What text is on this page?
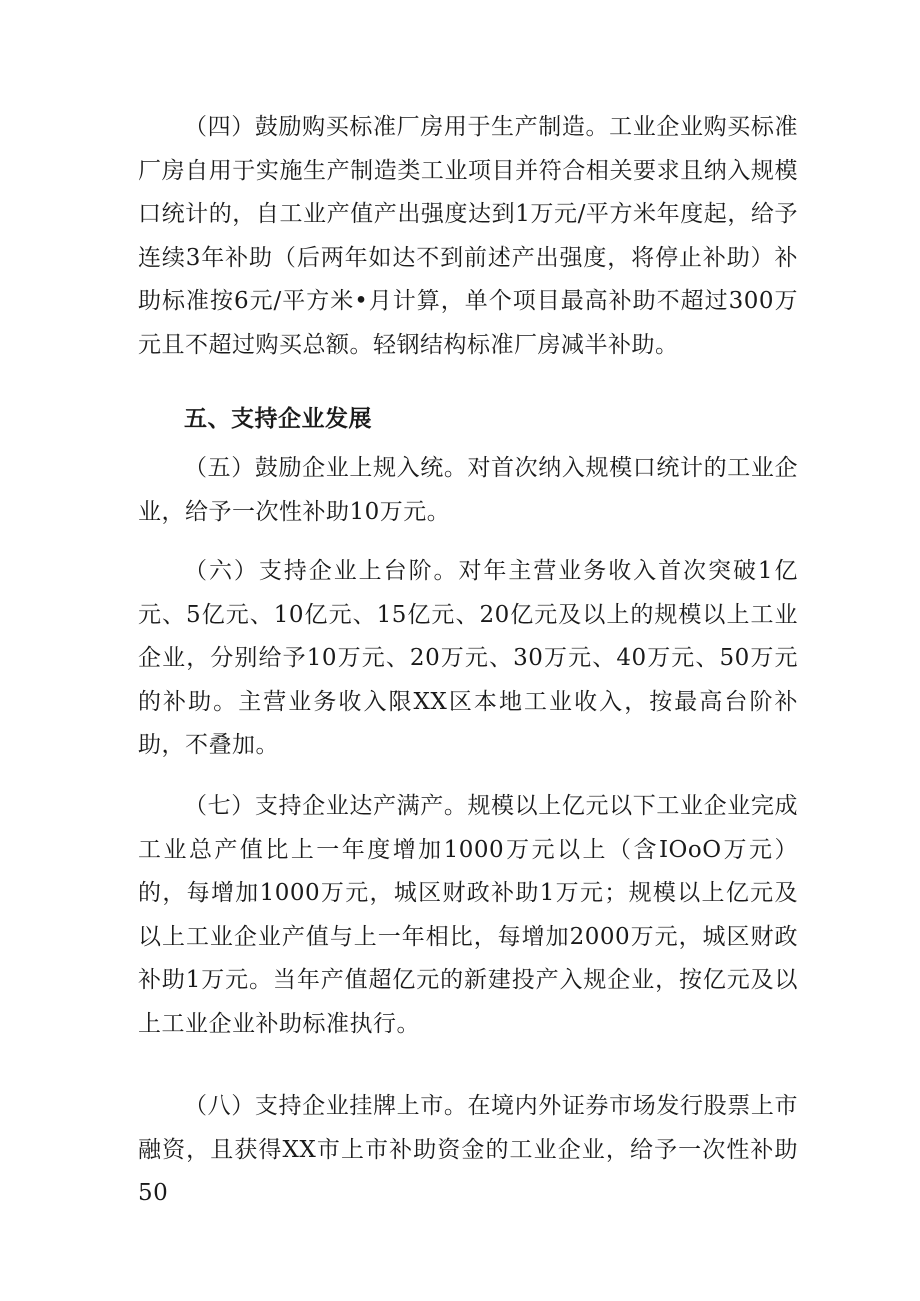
（四）鼓励购买标准厂房用于生产制造。工业企业购买标准厂房自用于实施生产制造类工业项目并符合相关要求且纳入规模口统计的，自工业产值产出强度达到1万元/平方米年度起，给予连续3年补助（后两年如达不到前述产出强度，将停止补助）补助标准按6元/平方米•月计算，单个项目最高补助不超过300万元且不超过购买总额。轻钢结构标准厂房减半补助。

五、支持企业发展

（五）鼓励企业上规入统。对首次纳入规模口统计的工业企业，给予一次性补助10万元。

（六）支持企业上台阶。对年主营业务收入首次突破1亿元、5亿元、10亿元、15亿元、20亿元及以上的规模以上工业企业，分别给予10万元、20万元、30万元、40万元、50万元的补助。主营业务收入限XX区本地工业收入，按最高台阶补助，不叠加。

（七）支持企业达产满产。规模以上亿元以下工业企业完成工业总产值比上一年度增加1000万元以上（含IOoO万元）的，每增加1000万元，城区财政补助1万元；规模以上亿元及以上工业企业产值与上一年相比，每增加2000万元，城区财政补助1万元。当年产值超亿元的新建投产入规企业，按亿元及以上工业企业补助标准执行。

（八）支持企业挂牌上市。在境内外证券市场发行股票上市融资，且获得XX市上市补助资金的工业企业，给予一次性补助50
